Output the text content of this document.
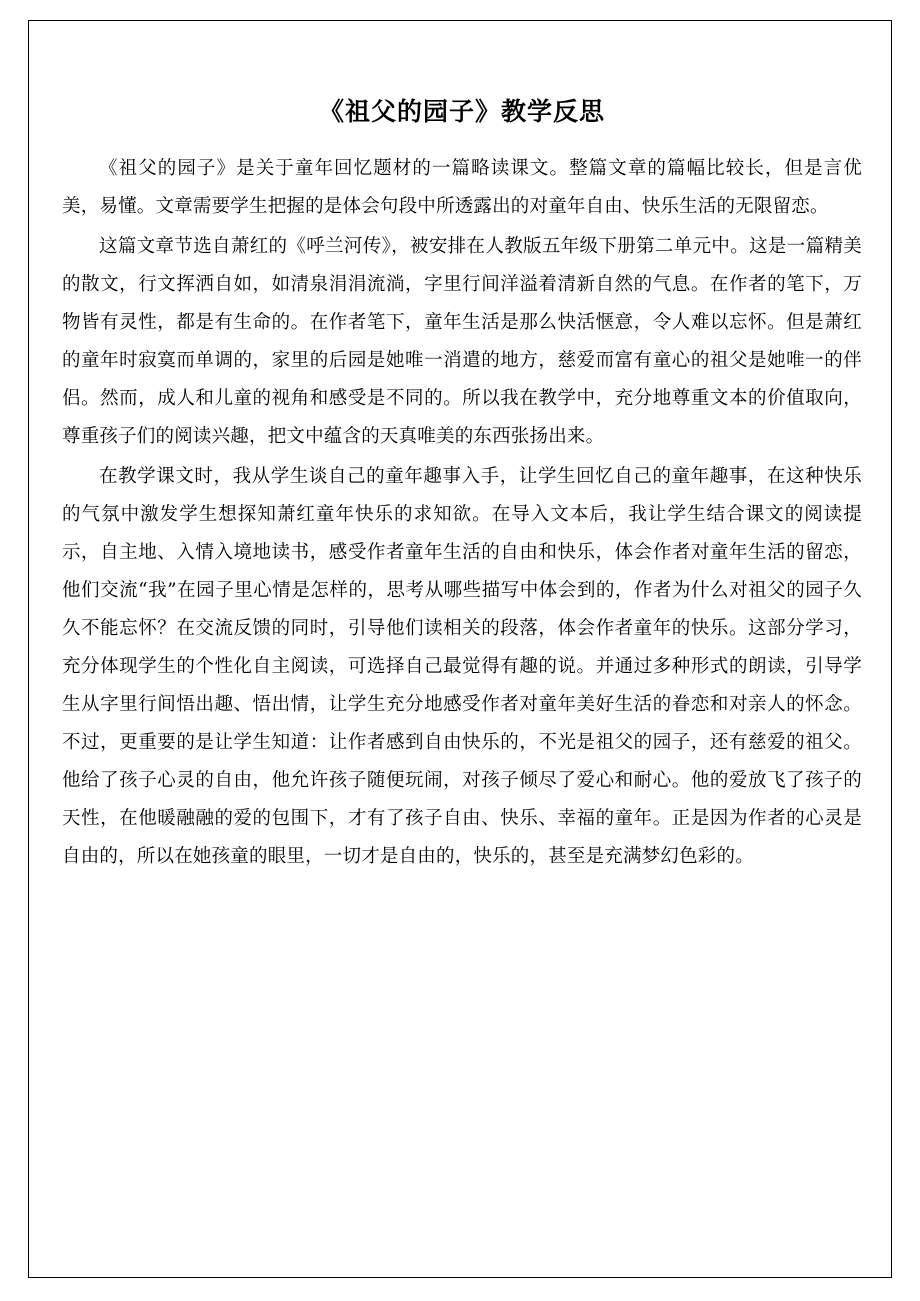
《祖父的园子》教学反思

《祖父的园子》是关于童年回忆题材的一篇略读课文。整篇文章的篇幅比较长，但是言优美，易懂。文章需要学生把握的是体会句段中所透露出的对童年自由、快乐生活的无限留恋。

这篇文章节选自萧红的《呼兰河传》，被安排在人教版五年级下册第二单元中。这是一篇精美的散文，行文挥洒自如，如清泉涓涓流淌，字里行间洋溢着清新自然的气息。在作者的笔下，万物皆有灵性，都是有生命的。在作者笔下，童年生活是那么快活惬意，令人难以忘怀。但是萧红的童年时寂寞而单调的，家里的后园是她唯一消遣的地方，慈爱而富有童心的祖父是她唯一的伴侣。然而，成人和儿童的视角和感受是不同的。所以我在教学中，充分地尊重文本的价值取向，尊重孩子们的阅读兴趣，把文中蕴含的天真唯美的东西张扬出来。

在教学课文时，我从学生谈自己的童年趣事入手，让学生回忆自己的童年趣事，在这种快乐的气氛中激发学生想探知萧红童年快乐的求知欲。在导入文本后，我让学生结合课文的阅读提示，自主地、入情入境地读书，感受作者童年生活的自由和快乐，体会作者对童年生活的留恋，他们交流“我”在园子里心情是怎样的，思考从哪些描写中体会到的，作者为什么对祖父的园子久久不能忘怀？在交流反馈的同时，引导他们读相关的段落，体会作者童年的快乐。这部分学习，充分体现学生的个性化自主阅读，可选择自己最觉得有趣的说。并通过多种形式的朗读，引导学生从字里行间悟出趣、悟出情，让学生充分地感受作者对童年美好生活的眷恋和对亲人的怀念。不过，更重要的是让学生知道：让作者感到自由快乐的，不光是祖父的园子，还有慈爱的祖父。他给了孩子心灵的自由，他允许孩子随便玩闹，对孩子倾尽了爱心和耐心。他的爱放飞了孩子的天性，在他暖融融的爱的包围下，才有了孩子自由、快乐、幸福的童年。正是因为作者的心灵是自由的，所以在她孩童的眼里，一切才是自由的，快乐的，甚至是充满梦幻色彩的。
